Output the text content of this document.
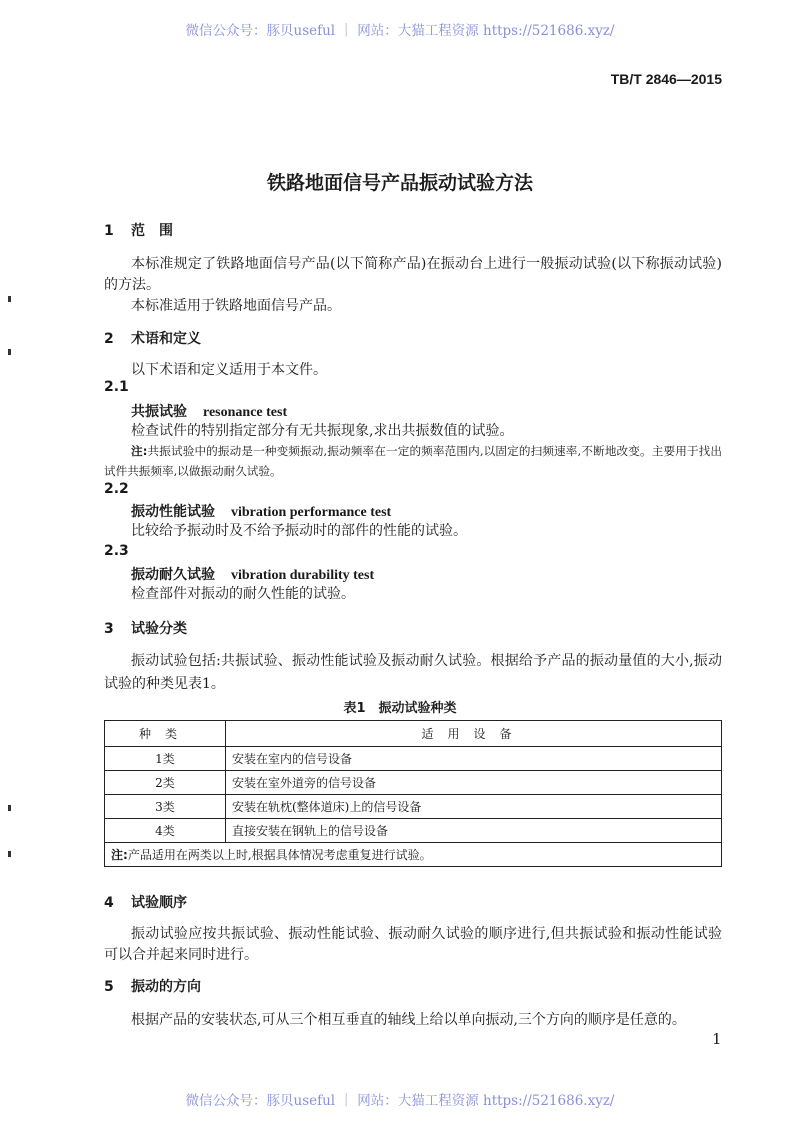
微信公众号：豚贝useful ｜ 网站：大猫工程资源 https://521686.xyz/
TB/T 2846—2015
铁路地面信号产品振动试验方法
1 范　围
本标准规定了铁路地面信号产品(以下简称产品)在振动台上进行一般振动试验(以下称振动试验)的方法。
本标准适用于铁路地面信号产品。
2 术语和定义
以下术语和定义适用于本文件。
2.1
共振试验 resonance test
检查试件的特别指定部分有无共振现象,求出共振数值的试验。
注:共振试验中的振动是一种变频振动,振动频率在一定的频率范围内,以固定的扫频速率,不断地改变。主要用于找出试件共振频率,以做振动耐久试验。
2.2
振动性能试验 vibration performance test
比较给予振动时及不给予振动时的部件的性能的试验。
2.3
振动耐久试验 vibration durability test
检查部件对振动的耐久性能的试验。
3 试验分类
振动试验包括:共振试验、振动性能试验及振动耐久试验。根据给予产品的振动量值的大小,振动试验的种类见表1。
表1　振动试验种类
种类	适用设备
1类	安装在室内的信号设备
2类	安装在室外道旁的信号设备
3类	安装在轨枕(整体道床)上的信号设备
4类	直接安装在钢轨上的信号设备
注:产品适用在两类以上时,根据具体情况考虑重复进行试验。	
4 试验顺序
振动试验应按共振试验、振动性能试验、振动耐久试验的顺序进行,但共振试验和振动性能试验可以合并起来同时进行。
5 振动的方向
根据产品的安装状态,可从三个相互垂直的轴线上给以单向振动,三个方向的顺序是任意的。
1
微信公众号：豚贝useful ｜ 网站：大猫工程资源 https://521686.xyz/
